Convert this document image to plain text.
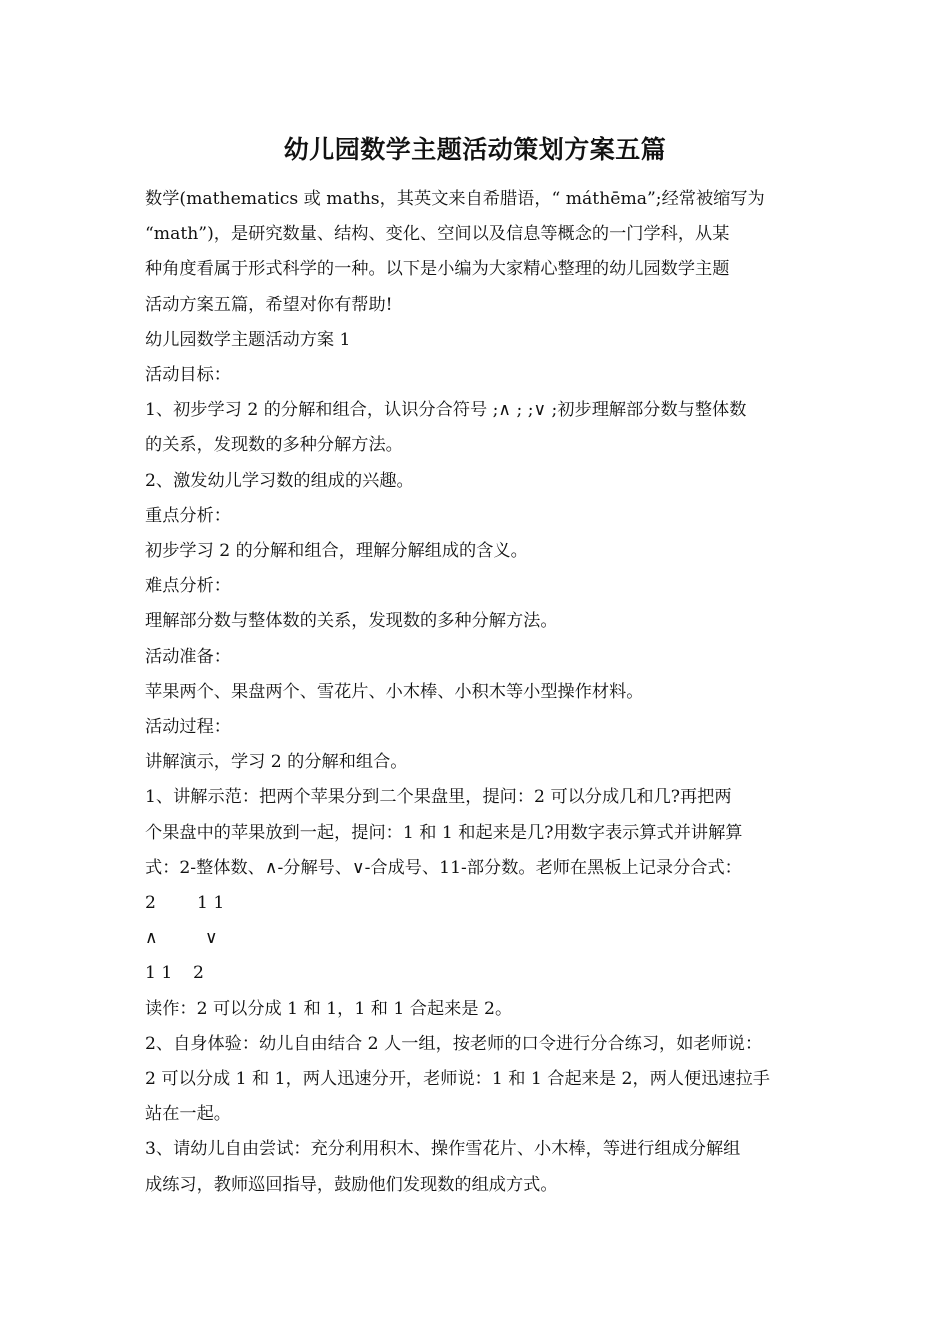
幼儿园数学主题活动策划方案五篇

数学(mathematics 或 maths，其英文来自希腊语，“ máthēma”;经常被缩写为

“math”)，是研究数量、结构、变化、空间以及信息等概念的一门学科，从某

种角度看属于形式科学的一种。以下是小编为大家精心整理的幼儿园数学主题

活动方案五篇，希望对你有帮助!

幼儿园数学主题活动方案 1

活动目标：

1、初步学习 2 的分解和组合，认识分合符号 ;∧ ; ;∨ ;初步理解部分数与整体数

的关系，发现数的多种分解方法。

2、激发幼儿学习数的组成的兴趣。

重点分析：

初步学习 2 的分解和组合，理解分解组成的含义。

难点分析：

理解部分数与整体数的关系，发现数的多种分解方法。

活动准备：

苹果两个、果盘两个、雪花片、小木棒、小积木等小型操作材料。

活动过程：

讲解演示，学习 2 的分解和组合。

1、讲解示范：把两个苹果分到二个果盘里，提问：2 可以分成几和几?再把两

个果盘中的苹果放到一起，提问：1 和 1 和起来是几?用数字表示算式并讲解算

式：2-整体数、∧-分解号、∨-合成号、11-部分数。老师在黑板上记录分合式：

2 1 1

∧	∨

1 1 2

读作：2 可以分成 1 和 1，1 和 1 合起来是 2。

2、自身体验：幼儿自由结合 2 人一组，按老师的口令进行分合练习，如老师说：

2 可以分成 1 和 1，两人迅速分开，老师说：1 和 1 合起来是 2，两人便迅速拉手

站在一起。

3、请幼儿自由尝试：充分利用积木、操作雪花片、小木棒，等进行组成分解组

成练习，教师巡回指导，鼓励他们发现数的组成方式。
